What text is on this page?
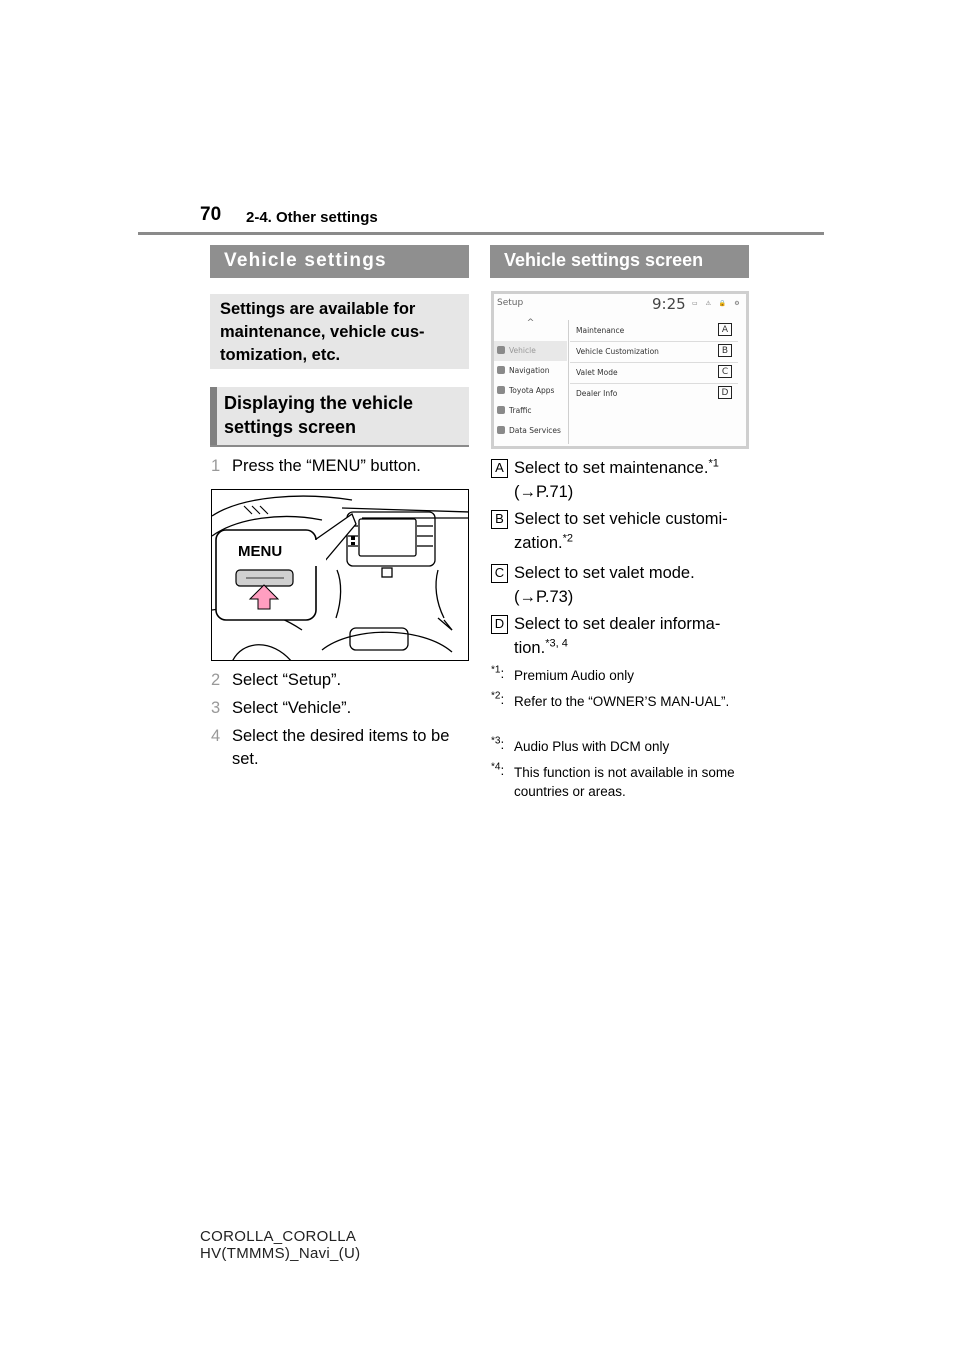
70 2-4. Other settings
Vehicle settings

Settings are available for maintenance, vehicle cus-tomization, etc.

Displaying the vehicle settings screen

1 Press the “MENU” button.
MENU
2 Select “Setup”.
3 Select “Vehicle”.
4 Select the desired items to be set.
Vehicle settings screen
Setup	9:25 ▭ ⚠ 🔒 ⚙
^
Vehicle
Navigation
Toyota Apps
Traffic
Data Services
Maintenance	A
Vehicle Customization	B
Valet Mode	C
Dealer Info	D
A Select to set maintenance.$^{*1}$
(→P.71)
B Select to set vehicle customi-zation.$^{*2}$
C Select to set valet mode.
(→P.73)
D Select to set dealer informa-tion.$^{*3, 4}$
$^{*1}$: Premium Audio only
$^{*2}$: Refer to the “OWNER’S MAN-UAL”.
$^{*3}$: Audio Plus with DCM only
$^{*4}$: This function is not available in some countries or areas.
COROLLA_COROLLA
HV(TMMMS)_Navi_(U)
